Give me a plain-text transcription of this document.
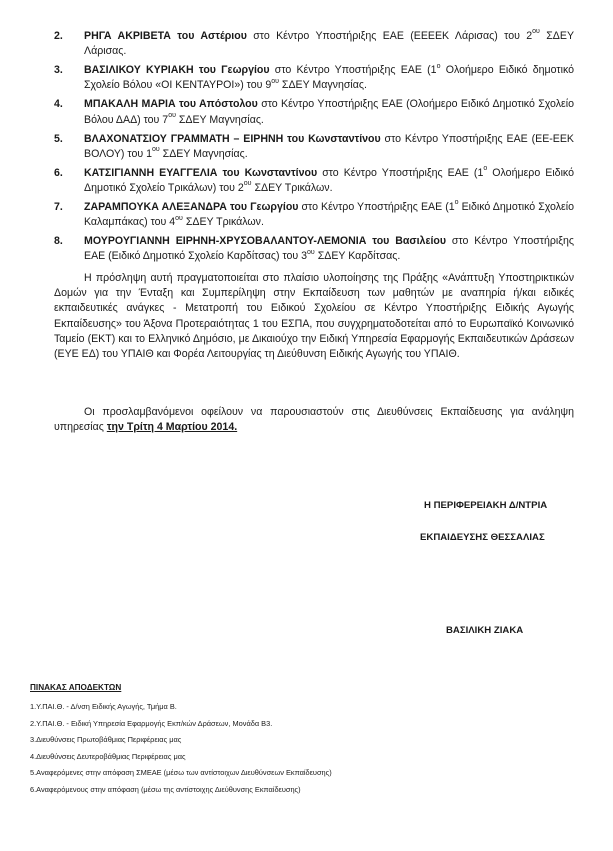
2. ΡΗΓΑ ΑΚΡΙΒΕΤΑ του Αστέριου στο Κέντρο Υποστήριξης ΕΑΕ (ΕΕΕΕΚ Λάρισας) του $2^{o\upsilon}$ ΣΔΕΥ Λάρισας.
3. ΒΑΣΙΛΙΚΟΥ ΚΥΡΙΑΚΗ του Γεωργίου στο Κέντρο Υποστήριξης ΕΑΕ ($1^o$ Ολοήμερο Ειδικό δημοτικό Σχολείο Βόλου «ΟΙ ΚΕΝΤΑΥΡΟΙ») του $9^{o\upsilon}$ ΣΔΕΥ Μαγνησίας.
4. ΜΠΑΚΑΛΗ ΜΑΡΙΑ του Απόστολου στο Κέντρο Υποστήριξης ΕΑΕ (Ολοήμερο Ειδικό Δημοτικό Σχολείο Βόλου ΔΑΔ) του $7^{o\upsilon}$ ΣΔΕΥ Μαγνησίας.
5. ΒΛΑΧΟΝΑΤΣΙΟΥ ΓΡΑΜΜΑΤΗ – ΕΙΡΗΝΗ του Κωνσταντίνου στο Κέντρο Υποστήριξης ΕΑΕ (ΕΕ-ΕΕΚ ΒΟΛΟΥ) του $1^{o\upsilon}$ ΣΔΕΥ Μαγνησίας.
6. ΚΑΤΣΙΓΙΑΝΝΗ ΕΥΑΓΓΕΛΙΑ του Κωνσταντίνου στο Κέντρο Υποστήριξης ΕΑΕ ($1^o$ Ολοήμερο Ειδικό Δημοτικό Σχολείο Τρικάλων) του $2^{o\upsilon}$ ΣΔΕΥ Τρικάλων.
7. ΖΑΡΑΜΠΟΥΚΑ ΑΛΕΞΑΝΔΡΑ του Γεωργίου στο Κέντρο Υποστήριξης ΕΑΕ ($1^o$ Ειδικό Δημοτικό Σχολείο Καλαμπάκας) του $4^{o\upsilon}$ ΣΔΕΥ Τρικάλων.
8. ΜΟΥΡΟΥΓΙΑΝΝΗ ΕΙΡΗΝΗ-ΧΡΥΣΟΒΑΛΑΝΤΟΥ-ΛΕΜΟΝΙΑ του Βασιλείου στο Κέντρο Υποστήριξης ΕΑΕ (Ειδικό Δημοτικό Σχολείο Καρδίτσας) του $3^{o\upsilon}$ ΣΔΕΥ Καρδίτσας.
Η πρόσληψη αυτή πραγματοποιείται στο πλαίσιο υλοποίησης της Πράξης «Ανάπτυξη Υποστηρικτικών Δομών για την Ένταξη και Συμπερίληψη στην Εκπαίδευση των μαθητών με αναπηρία ή/και ειδικές εκπαιδευτικές ανάγκες - Μετατροπή του Ειδικού Σχολείου σε Κέντρο Υποστήριξης Ειδικής Αγωγής Εκπαίδευσης» του Άξονα Προτεραιότητας 1 του ΕΣΠΑ, που συγχρηματοδοτείται από το Ευρωπαϊκό Κοινωνικό Ταμείο (ΕΚΤ) και το Ελληνικό Δημόσιο, με Δικαιούχο την Ειδική Υπηρεσία Εφαρμογής Εκπαιδευτικών Δράσεων (ΕΥΕ ΕΔ) του ΥΠΑΙΘ και Φορέα Λειτουργίας τη Διεύθυνση Ειδικής Αγωγής του ΥΠΑΙΘ.
Οι προσλαμβανόμενοι οφείλουν να παρουσιαστούν στις Διευθύνσεις Εκπαίδευσης για ανάληψη υπηρεσίας την Τρίτη 4 Μαρτίου 2014.
Η ΠΕΡΙΦΕΡΕΙΑΚΗ Δ/ΝΤΡΙΑ
ΕΚΠΑΙΔΕΥΣΗΣ ΘΕΣΣΑΛΙΑΣ
ΒΑΣΙΛΙΚΗ ΖΙΑΚΑ
ΠΙΝΑΚΑΣ ΑΠΟΔΕΚΤΩΝ
1.Υ.ΠΑΙ.Θ. - Δ/νση Ειδικής Αγωγής, Τμήμα Β.
2.Υ.ΠΑΙ.Θ. - Ειδική Υπηρεσία Εφαρμογής Εκπ/κών Δράσεων, Μονάδα Β3.
3.Διευθύνσεις Πρωτοβάθμιας Περιφέρειας μας
4.Διευθύνσεις Δευτεροβάθμιας Περιφέρειας μας
5.Αναφερόμενες στην απόφαση ΣΜΕΑΕ (μέσω των αντίστοιχων Διευθύνσεων Εκπαίδευσης)
6.Αναφερόμενους στην απόφαση (μέσω της αντίστοιχης Διεύθυνσης Εκπαίδευσης)
